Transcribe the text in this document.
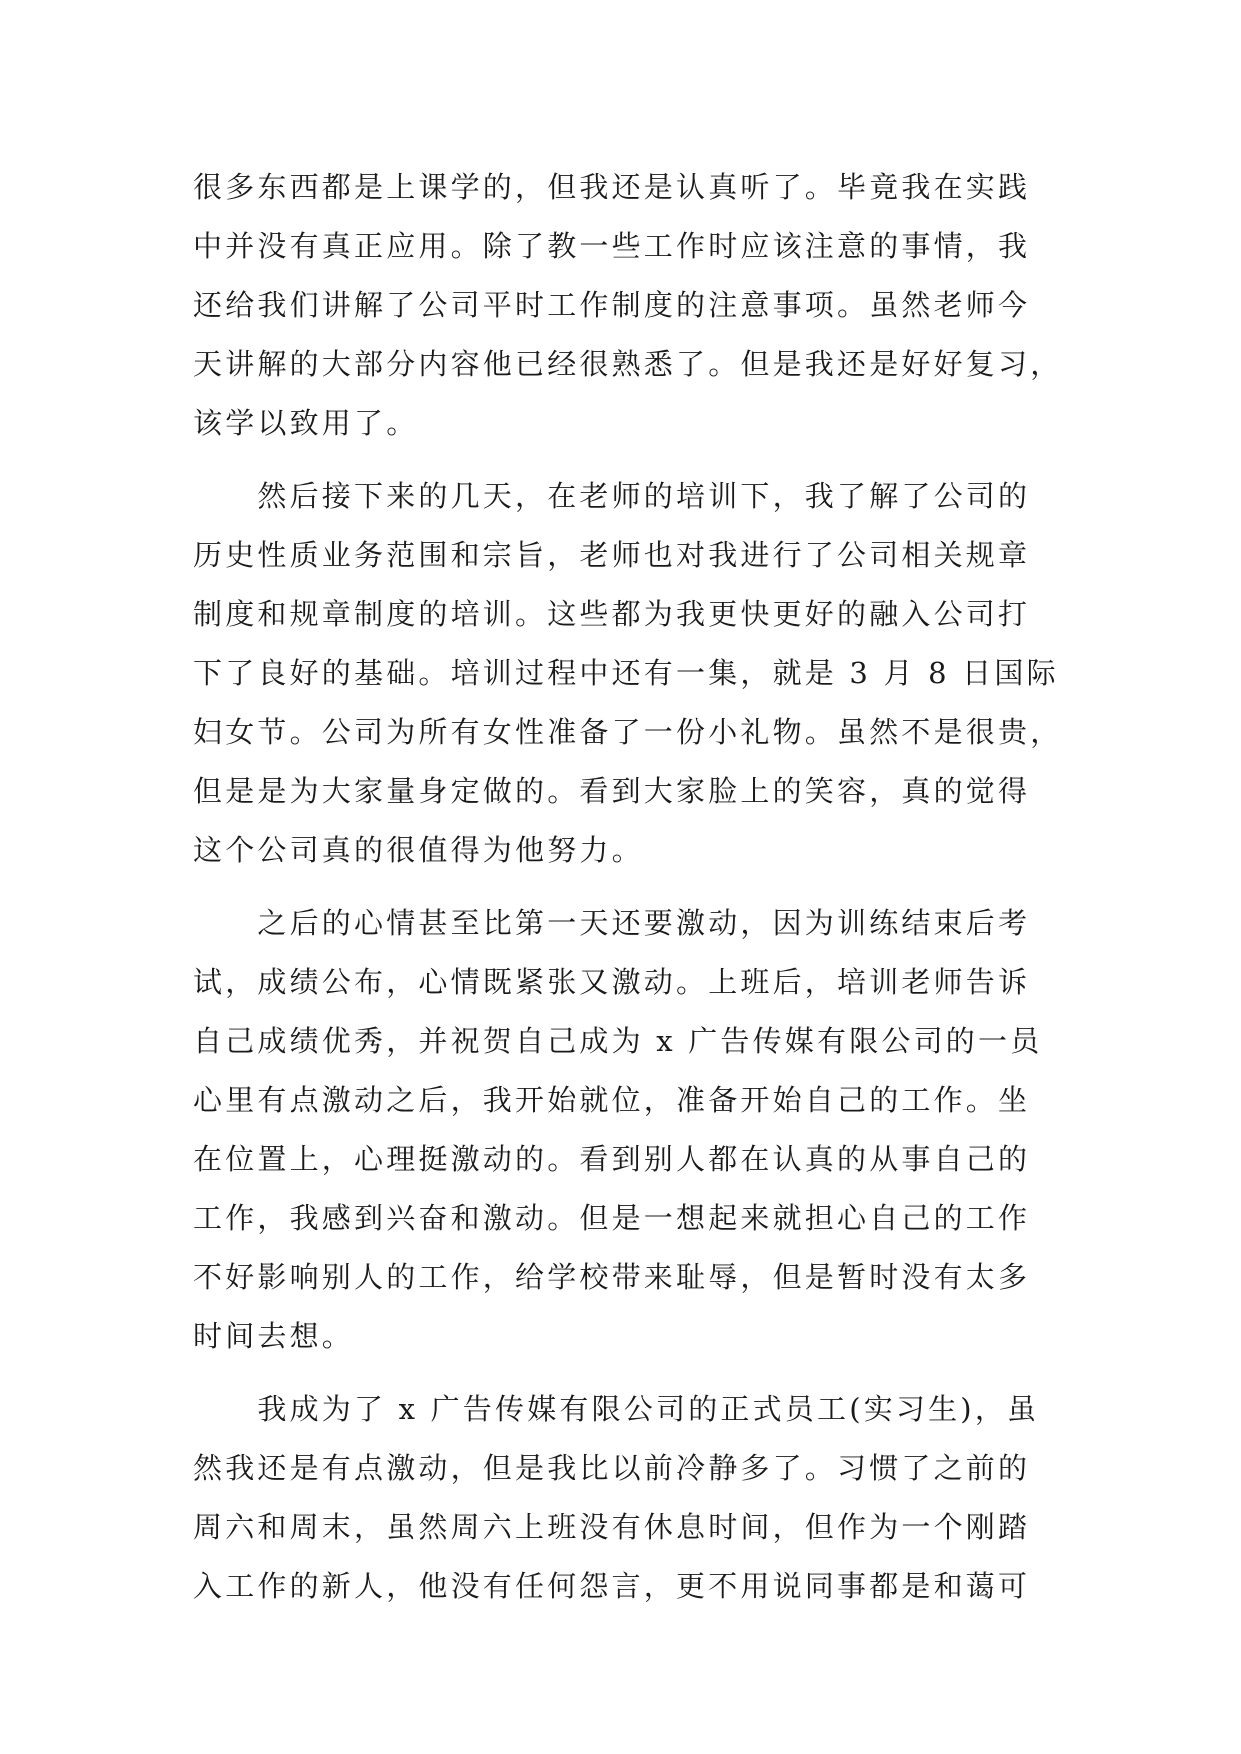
很多东西都是上课学的，但我还是认真听了。毕竟我在实践
中并没有真正应用。除了教一些工作时应该注意的事情，我
还给我们讲解了公司平时工作制度的注意事项。虽然老师今
天讲解的大部分内容他已经很熟悉了。但是我还是好好复习，
该学以致用了。
　　然后接下来的几天，在老师的培训下，我了解了公司的
历史性质业务范围和宗旨，老师也对我进行了公司相关规章
制度和规章制度的培训。这些都为我更快更好的融入公司打
下了良好的基础。培训过程中还有一集，就是 3 月 8 日国际
妇女节。公司为所有女性准备了一份小礼物。虽然不是很贵，
但是是为大家量身定做的。看到大家脸上的笑容，真的觉得
这个公司真的很值得为他努力。
　　之后的心情甚至比第一天还要激动，因为训练结束后考
试，成绩公布，心情既紧张又激动。上班后，培训老师告诉
自己成绩优秀，并祝贺自己成为 x 广告传媒有限公司的一员
心里有点激动之后，我开始就位，准备开始自己的工作。坐
在位置上，心理挺激动的。看到别人都在认真的从事自己的
工作，我感到兴奋和激动。但是一想起来就担心自己的工作
不好影响别人的工作，给学校带来耻辱，但是暂时没有太多
时间去想。
　　我成为了 x 广告传媒有限公司的正式员工(实习生)，虽
然我还是有点激动，但是我比以前冷静多了。习惯了之前的
周六和周末，虽然周六上班没有休息时间，但作为一个刚踏
入工作的新人，他没有任何怨言，更不用说同事都是和蔼可
